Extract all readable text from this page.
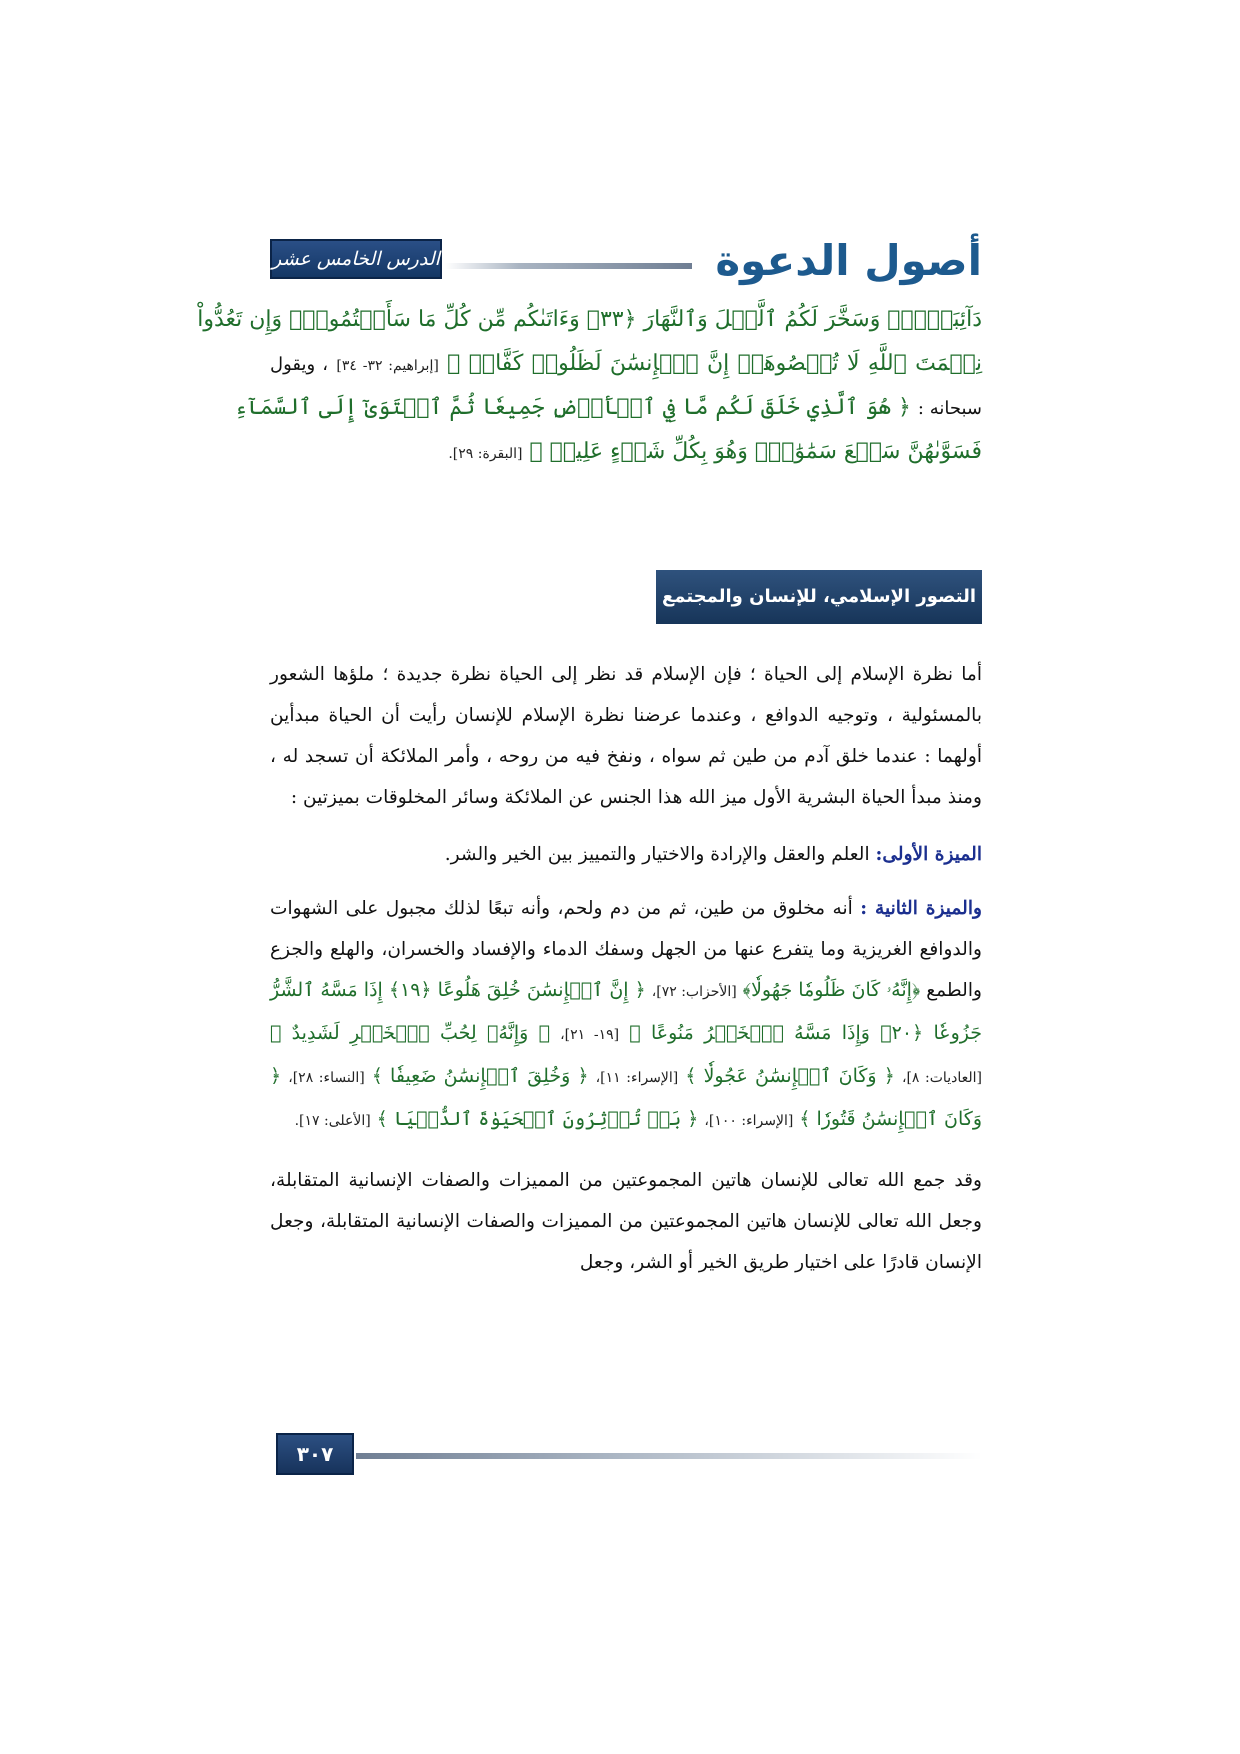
أصول الدعوة
الدرس الخامس عشر
دَآئِبَيۡنِۖ وَسَخَّرَ لَكُمُ ٱلَّيۡلَ وَٱلنَّهَارَ ﴿٣٣﴾ وَءَاتَىٰكُم مِّن كُلِّ مَا سَأَلۡتُمُوهُۚ وَإِن تَعُدُّواْ
نِعۡمَتَ ٱللَّهِ لَا تُحۡصُوهَآۗ إِنَّ ٱلۡإِنسَٰنَ لَظَلُومٞ كَفَّارٞ ﴾ [إبراهيم: ٣٢- ٣٤] ، ويقول
سبحانه : ﴿ هُوَ ٱلَّذِي خَلَقَ لَكُم مَّا فِي ٱلۡأَرۡضِ جَمِيعٗا ثُمَّ ٱسۡتَوَىٰٓ إِلَى ٱلسَّمَآءِ
فَسَوَّىٰهُنَّ سَبۡعَ سَمَٰوَٰتٖۚ وَهُوَ بِكُلِّ شَيۡءٍ عَلِيمٞ ﴾ [البقرة: ٢٩].
التصور الإسلامي، للإنسان والمجتمع

أما نظرة الإسلام إلى الحياة ؛ فإن الإسلام قد نظر إلى الحياة نظرة جديدة ؛ ملؤها الشعور بالمسئولية ، وتوجيه الدوافع ، وعندما عرضنا نظرة الإسلام للإنسان رأيت أن الحياة مبدأين أولهما : عندما خلق آدم من طين ثم سواه ، ونفخ فيه من روحه ، وأمر الملائكة أن تسجد له ، ومنذ مبدأ الحياة البشرية الأول ميز الله هذا الجنس عن الملائكة وسائر المخلوقات بميزتين :

الميزة الأولى: العلم والعقل والإرادة والاختيار والتمييز بين الخير والشر.

والميزة الثانية : أنه مخلوق من طين، ثم من دم ولحم، وأنه تبعًا لذلك مجبول على الشهوات والدوافع الغريزية وما يتفرع عنها من الجهل وسفك الدماء والإفساد والخسران، والهلع والجزع والطمع ﴿إِنَّهُۥ كَانَ ظَلُومٗا جَهُولٗا﴾ [الأحزاب: ٧٢]، ﴿ إِنَّ ٱلۡإِنسَٰنَ خُلِقَ هَلُوعًا ﴿١٩﴾ إِذَا مَسَّهُ ٱلشَّرُّ جَزُوعٗا ﴿٢٠﴾ وَإِذَا مَسَّهُ ٱلۡخَيۡرُ مَنُوعًا ﴾ [١٩- ٢١]، ﴿ وَإِنَّهُۥ لِحُبِّ ٱلۡخَيۡرِ لَشَدِيدٌ ﴾ [العاديات: ٨]، ﴿ وَكَانَ ٱلۡإِنسَٰنُ عَجُولٗا ﴾ [الإسراء: ١١]، ﴿ وَخُلِقَ ٱلۡإِنسَٰنُ ضَعِيفٗا ﴾ [النساء: ٢٨]، ﴿ وَكَانَ ٱلۡإِنسَٰنُ قَتُورٗا ﴾ [الإسراء: ١٠٠]، ﴿ بَلۡ تُؤۡثِرُونَ ٱلۡحَيَوٰةَ ٱلدُّنۡيَا ﴾ [الأعلى: ١٧].

وقد جمع الله تعالى للإنسان هاتين المجموعتين من المميزات والصفات الإنسانية المتقابلة، وجعل الله تعالى للإنسان هاتين المجموعتين من المميزات والصفات الإنسانية المتقابلة، وجعل الإنسان قادرًا على اختيار طريق الخير أو الشر، وجعل

٣٠٧
